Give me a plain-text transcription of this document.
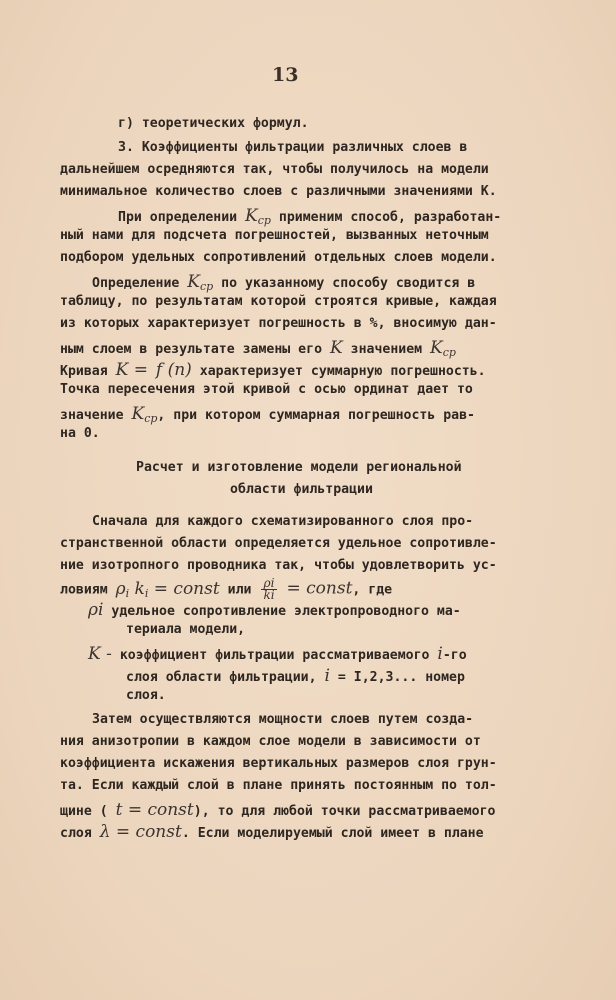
13
г) теоретических формул.
3. Коэффициенты фильтрации различных слоев в
дальнейшем осредняются так, чтобы получилось на модели
минимальное количество слоев с различными значениями K.
При определении Kср применим способ, разработан-
ный нами для подсчета погрешностей, вызванных неточным
подбором удельных сопротивлений отдельных слоев модели.
Определение Kср по указанному способу сводится в
таблицу, по результатам которой строятся кривые, каждая
из которых характеризует погрешность в %, вносимую дан-
ным слоем в результате замены его K значением Kср
Кривая K = f (n) характеризует суммарную погрешность.
Точка пересечения этой кривой с осью ординат дает то
значение Kср, при котором суммарная погрешность рав-
на 0.
Расчет и изготовление модели региональной
области фильтрации
Сначала для каждого схематизированного слоя про-
странственной области определяется удельное сопротивле-
ние изотропного проводника так, чтобы удовлетворить ус-
ловиям ρi ki = const или $\frac{\rho i}{ki}$ = const, где
ρi удельное сопротивление электропроводного ма-
териала модели,
K - коэффициент фильтрации рассматриваемого i-го
слоя области фильтрации, i = I,2,3... номер
слоя.
Затем осуществляются мощности слоев путем созда-
ния анизотропии в каждом слое модели в зависимости от
коэффициента искажения вертикальных размеров слоя грун-
та. Если каждый слой в плане принять постоянным по тол-
щине ( t = const), то для любой точки рассматриваемого
слоя λ = const. Если моделируемый слой имеет в плане
